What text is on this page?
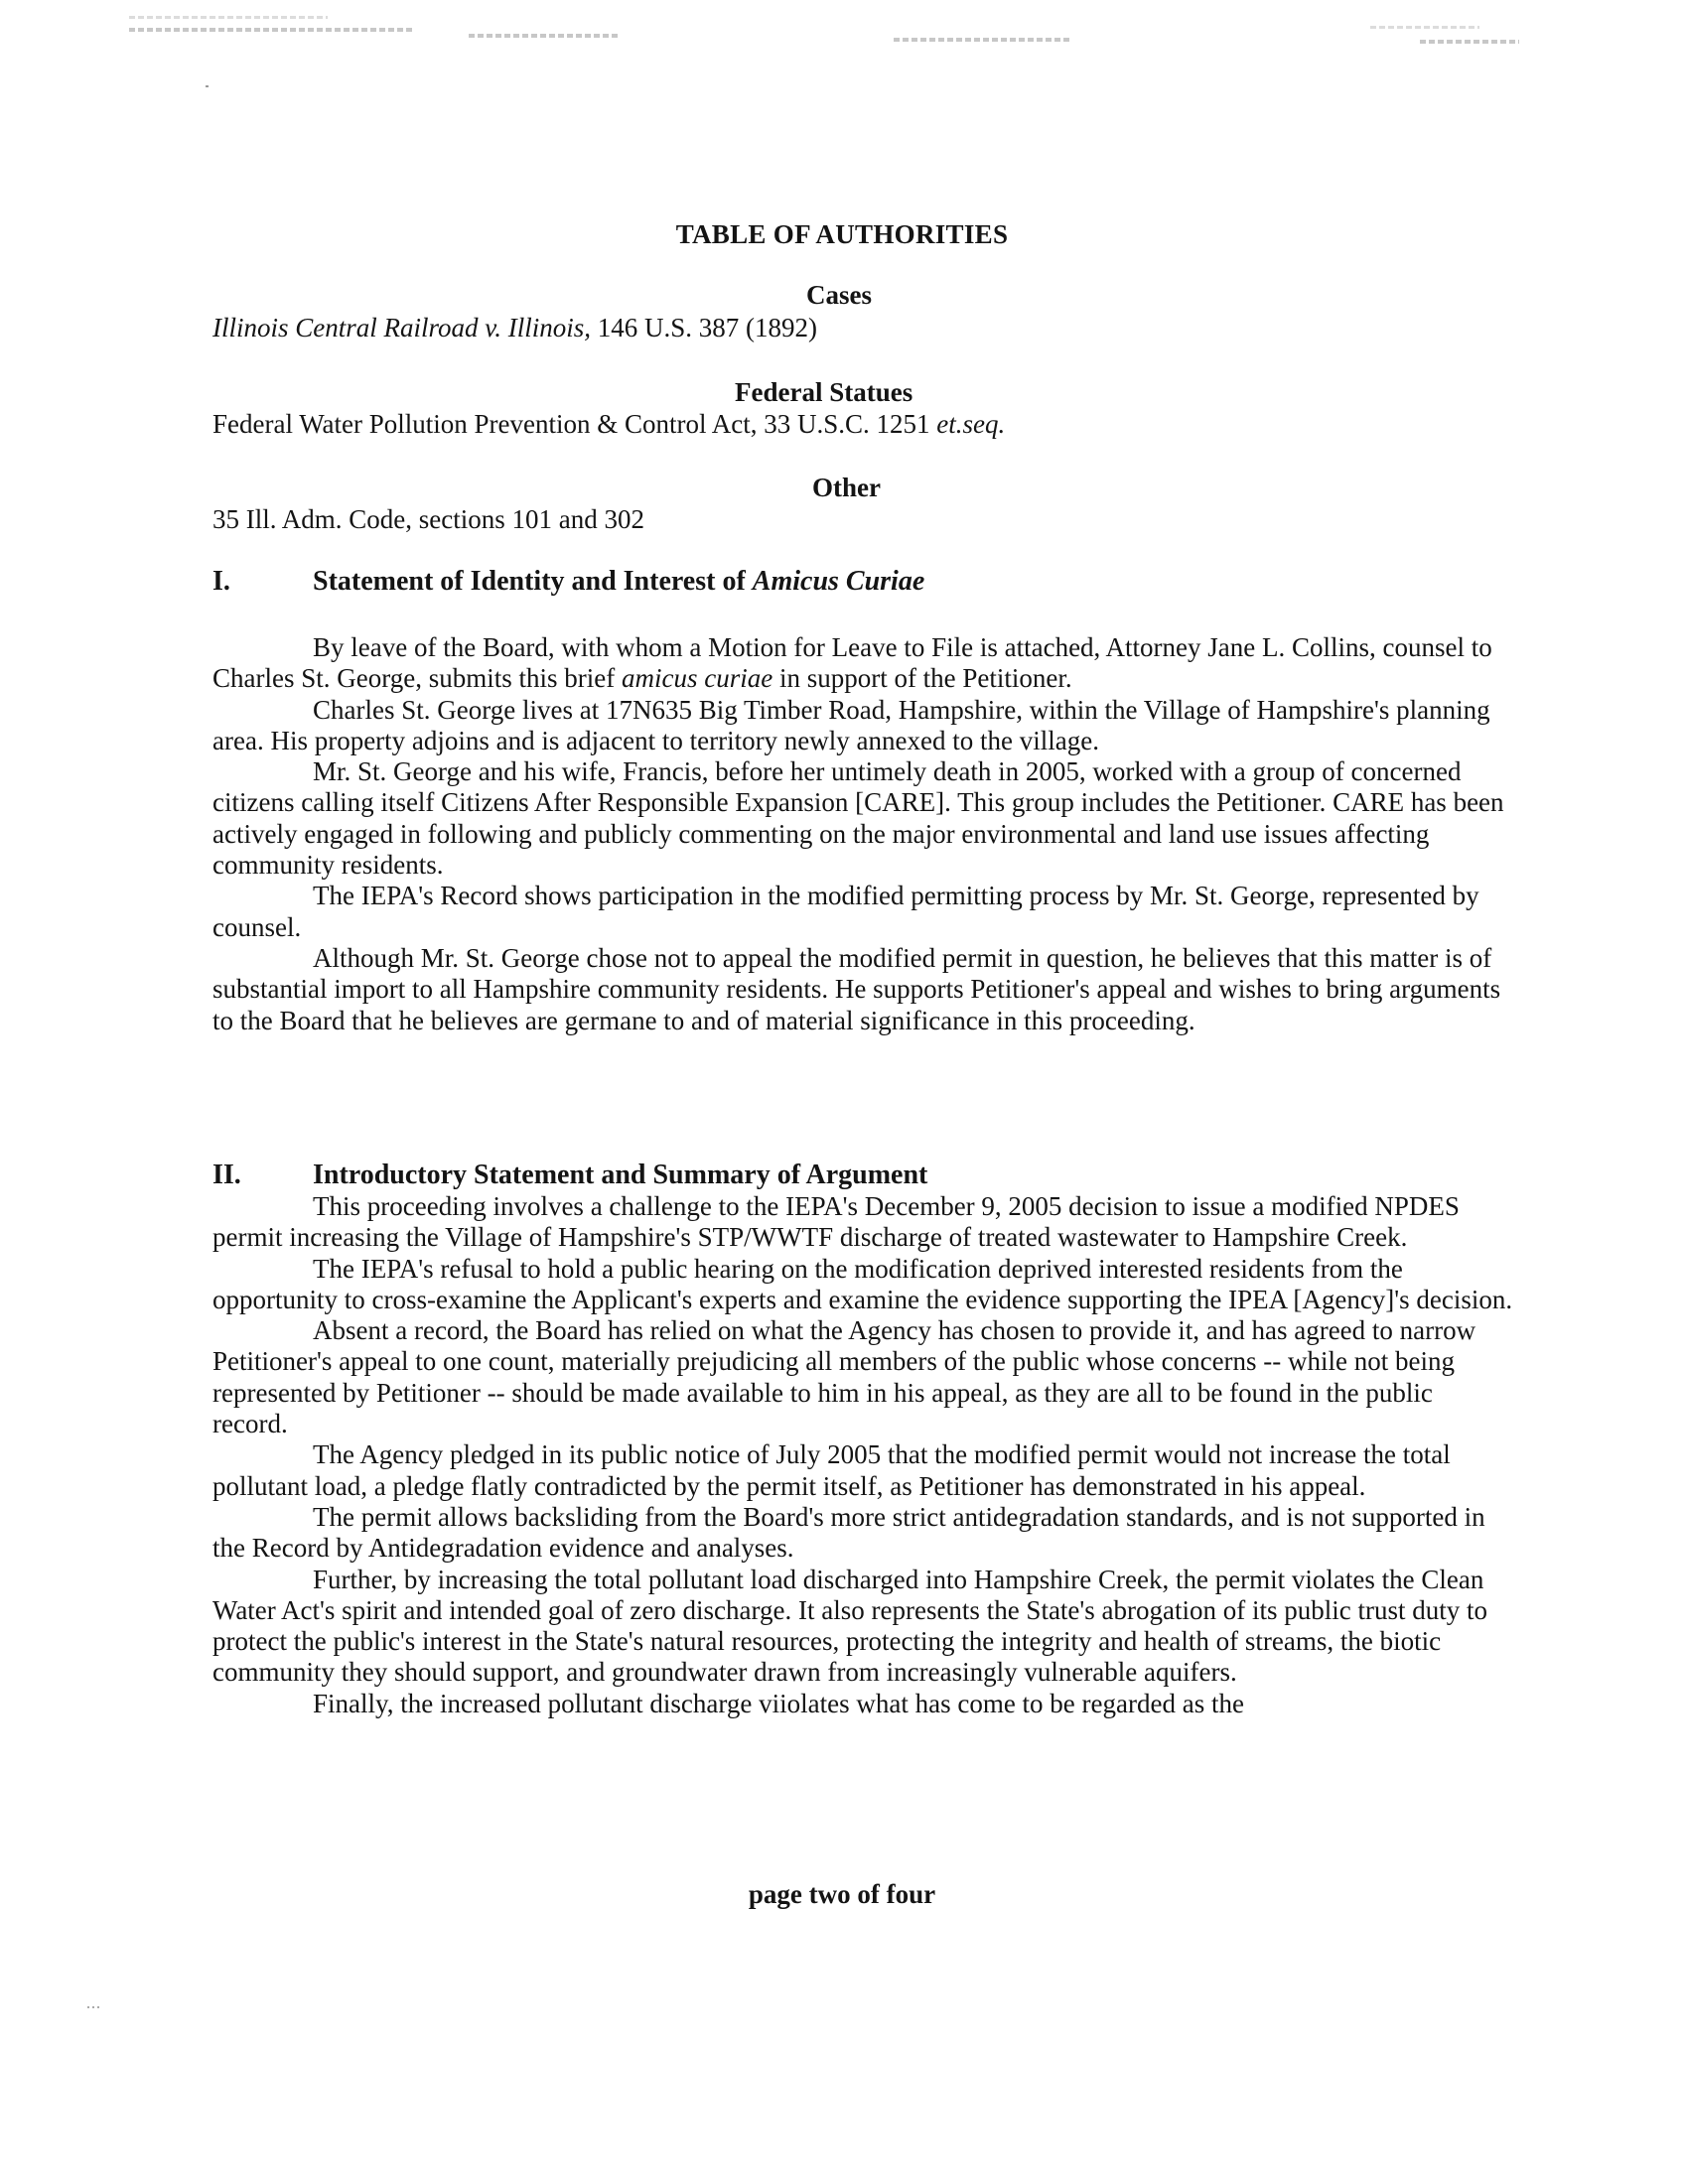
TABLE OF AUTHORITIES
Cases
Illinois Central Railroad v. Illinois, 146 U.S. 387 (1892)
Federal Statues
Federal Water Pollution Prevention & Control Act, 33 U.S.C. 1251 et.seq.
Other
35 Ill. Adm. Code, sections 101 and 302
I.	Statement of Identity and Interest of Amicus Curiae

By leave of the Board, with whom a Motion for Leave to File is attached, Attorney Jane L. Collins, counsel to Charles St. George, submits this brief amicus curiae in support of the Petitioner.

Charles St. George lives at 17N635 Big Timber Road, Hampshire, within the Village of Hampshire's planning area. His property adjoins and is adjacent to territory newly annexed to the village.

Mr. St. George and his wife, Francis, before her untimely death in 2005, worked with a group of concerned citizens calling itself Citizens After Responsible Expansion [CARE]. This group includes the Petitioner. CARE has been actively engaged in following and publicly commenting on the major environmental and land use issues affecting community residents.

The IEPA's Record shows participation in the modified permitting process by Mr. St. George, represented by counsel.

Although Mr. St. George chose not to appeal the modified permit in question, he believes that this matter is of substantial import to all Hampshire community residents. He supports Petitioner's appeal and wishes to bring arguments to the Board that he believes are germane to and of material significance in this proceeding.

II.	Introductory Statement and Summary of Argument

This proceeding involves a challenge to the IEPA's December 9, 2005 decision to issue a modified NPDES permit increasing the Village of Hampshire's STP/WWTF discharge of treated wastewater to Hampshire Creek.

The IEPA's refusal to hold a public hearing on the modification deprived interested residents from the opportunity to cross-examine the Applicant's experts and examine the evidence supporting the IPEA [Agency]'s decision.

Absent a record, the Board has relied on what the Agency has chosen to provide it, and has agreed to narrow Petitioner's appeal to one count, materially prejudicing all members of the public whose concerns -- while not being represented by Petitioner -- should be made available to him in his appeal, as they are all to be found in the public record.

The Agency pledged in its public notice of July 2005 that the modified permit would not increase the total pollutant load, a pledge flatly contradicted by the permit itself, as Petitioner has demonstrated in his appeal.

The permit allows backsliding from the Board's more strict antidegradation standards, and is not supported in the Record by Antidegradation evidence and analyses.

Further, by increasing the total pollutant load discharged into Hampshire Creek, the permit violates the Clean Water Act's spirit and intended goal of zero discharge. It also represents the State's abrogation of its public trust duty to protect the public's interest in the State's natural resources, protecting the integrity and health of streams, the biotic community they should support, and groundwater drawn from increasingly vulnerable aquifers.

Finally, the increased pollutant discharge viiolates what has come to be regarded as the

page two of four
